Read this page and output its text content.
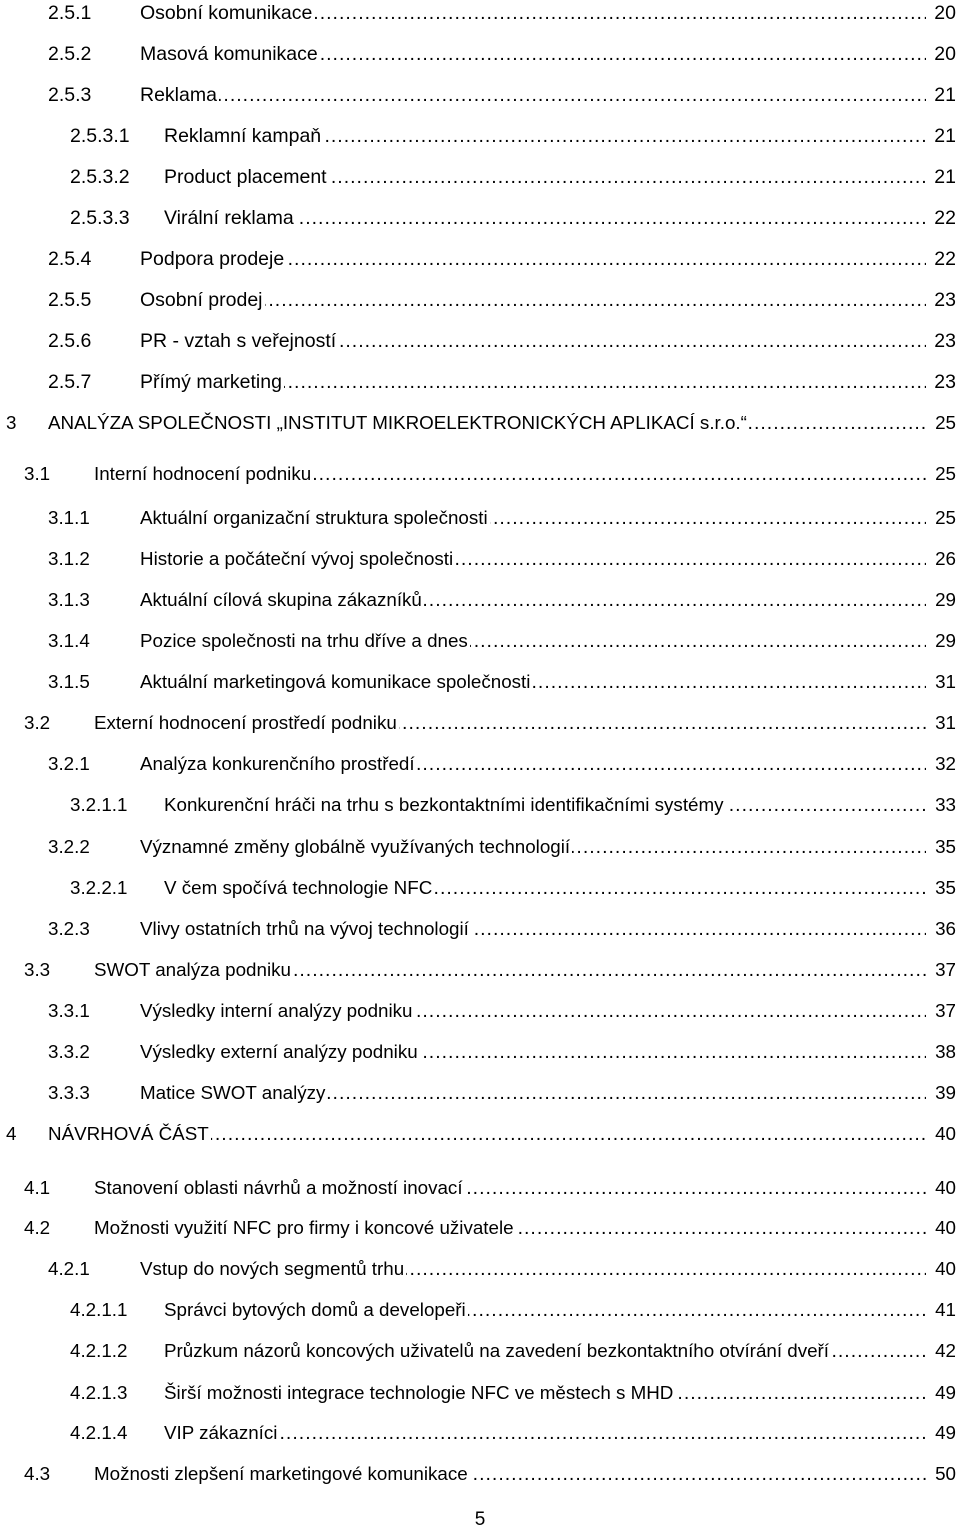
2.5.1 ..... Osobní komunikace	20
2.5.2 ..... Masová komunikace	20
2.5.3 ..... Reklama	21
2.5.3.1 ..... Reklamní kampaň	21
2.5.3.2 ..... Product placement	21
2.5.3.3 ..... Virální reklama	22
2.5.4 ..... Podpora prodeje	22
2.5.5 ..... Osobní prodej	23
2.5.6 ..... PR - vztah s veřejností	23
2.5.7 ..... Přímý marketing	23
3 ..... ANALÝZA SPOLEČNOSTI „INSTITUT MIKROELEKTRONICKÝCH APLIKACÍ s.r.o.“	25
3.1 ..... Interní hodnocení podniku	25
3.1.1 .....	Aktuální organizační struktura společnosti	25
3.1.2 .....	Historie a počáteční vývoj společnosti	26
3.1.3 .....	Aktuální cílová skupina zákazníků	29
3.1.4 .....	Pozice společnosti na trhu dříve a dnes	29
3.1.5 .....	Aktuální marketingová komunikace společnosti	31
3.2 ..... Externí hodnocení prostředí podniku	31
3.2.1 .....	Analýza konkurenčního prostředí	32
3.2.1.1 ..... Konkurenční hráči na trhu s bezkontaktními identifikačními systémy	33
3.2.2 .....	Významné změny globálně využívaných technologií	35
3.2.2.1 ..... V čem spočívá technologie NFC	35
3.2.3 .....	Vlivy ostatních trhů na vývoj technologií	36
3.3 ..... SWOT analýza podniku	37
3.3.1 .....	Výsledky interní analýzy podniku	37
3.3.2 .....	Výsledky externí analýzy podniku	38
3.3.3 .....	Matice SWOT analýzy	39
4 ..... NÁVRHOVÁ ČÁST	40
4.1 ..... Stanovení oblasti návrhů a možností inovací	40
4.2 ..... Možnosti využití NFC pro firmy i koncové uživatele	40
4.2.1 .....	Vstup do nových segmentů trhu	40
4.2.1.1 ..... Správci bytových domů a developeři	41
4.2.1.2 ..... Průzkum názorů koncových uživatelů na zavedení bezkontaktního otvírání dveří	42
4.2.1.3 ..... Širší možnosti integrace technologie NFC ve městech s MHD	49
4.2.1.4 ..... VIP zákazníci	49
4.3 ..... Možnosti zlepšení marketingové komunikace	50
5
